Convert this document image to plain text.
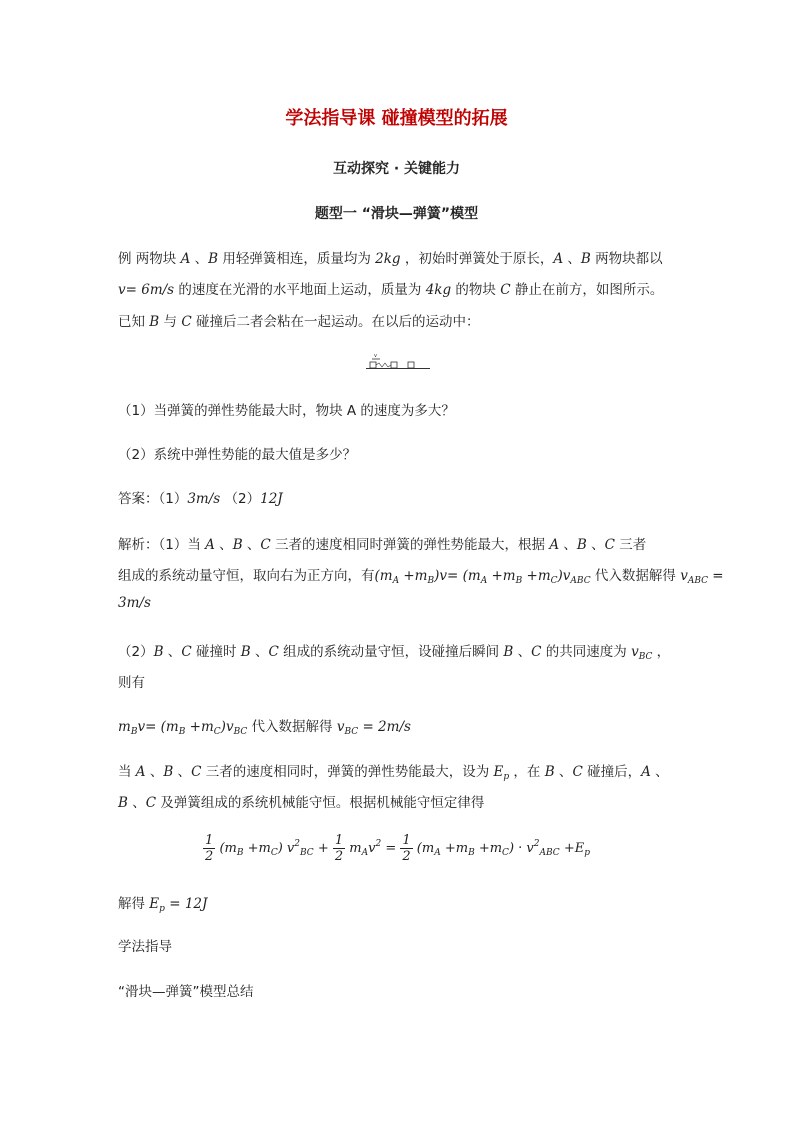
学法指导课 碰撞模型的拓展
互动探究 · 关键能力
题型一 “滑块—弹簧”模型
例 两物块 A 、B 用轻弹簧相连，质量均为 2kg ，初始时弹簧处于原长，A 、B 两物块都以
v= 6m/s 的速度在光滑的水平地面上运动，质量为 4kg 的物块 C 静止在前方，如图所示。
已知 B 与 C 碰撞后二者会粘在一起运动。在以后的运动中：
v
（1）当弹簧的弹性势能最大时，物块 A 的速度为多大？
（2）系统中弹性势能的最大值是多少？
答案：（1）3m/s （2）12J
解析：（1）当 A 、B 、C 三者的速度相同时弹簧的弹性势能最大，根据 A 、B 、C 三者
组成的系统动量守恒，取向右为正方向，有$(m_A +m_B)v= (m_A +m_B +m_C)v_{ABC}$ 代入数据解得 $v_{ABC}$ =
3m/s
（2）B 、C 碰撞时 B 、C 组成的系统动量守恒，设碰撞后瞬间 B 、C 的共同速度为 $v_{BC}$ ，
则有
$m_Bv= (m_B +m_C)v_{BC}$ 代入数据解得 $v_{BC} = 2m/s$
当 A 、B 、C 三者的速度相同时，弹簧的弹性势能最大，设为 $E_p$ ，在 B 、C 碰撞后，A 、
B 、C 及弹簧组成的系统机械能守恒。根据机械能守恒定律得
$\frac{1}{2} (m_B +m_C) v^2_{BC} + \frac{1}{2} m_Av^2 = \frac{1}{2} (m_A +m_B +m_C) \cdot v^2_{ABC} +E_p$
解得 $E_p = 12J$
学法指导
“滑块—弹簧”模型总结
